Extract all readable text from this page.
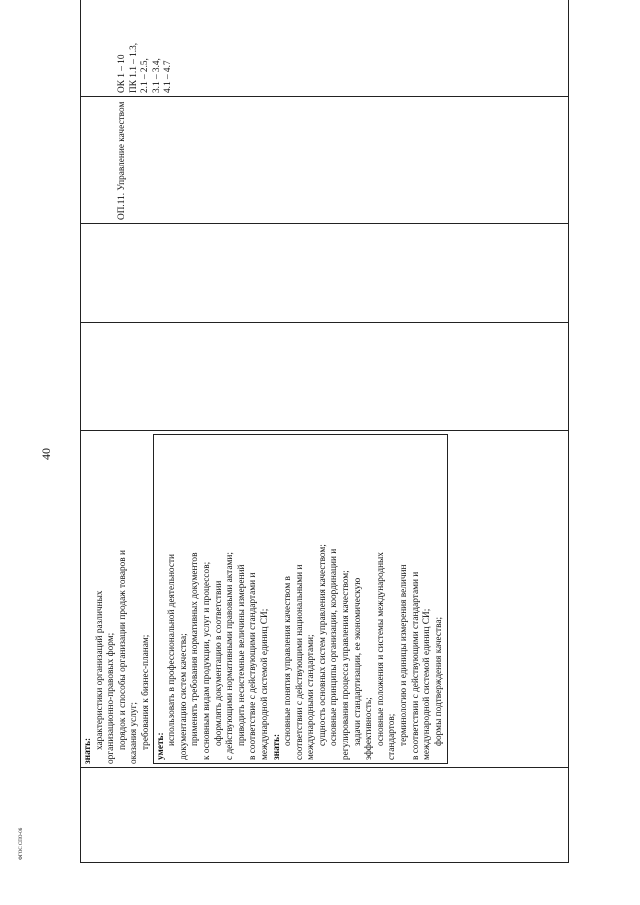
40

знать:
характеристики организаций различных организационно-правовых форм; порядок и способы организации продаж товаров и оказания услуг; требования к бизнес-планам; уметь:
использовать в профессиональной деятельности документацию систем качества; применять требования нормативных документов к основным видам продукции, услуг и процессов; оформлять документацию в соответствии с действующими нормативными правовыми актами; приводить несистемные величины измерений в соответствие с действующими стандартами и международной системой единиц СИ; знать:
основные понятия управления качеством в соответствии с действующими национальными и международными стандартами; сущность основных систем управления качеством; основные принципы организации, координации и регулирования процесса управления качеством; задачи стандартизации, ее экономическую эффективность; основные положения и системы международных стандартов; терминологию и единицы измерения величин в соответствии с действующими стандартами и международной системой единиц СИ; формы подтверждения качества;

ОП.11. Управление качеством

ОК 1 – 10 ПК 1.1 – 1.3, 2.1 – 2.5, 3.1 – 3.4, 4.1 – 4.7
ФГОС СПО-06
